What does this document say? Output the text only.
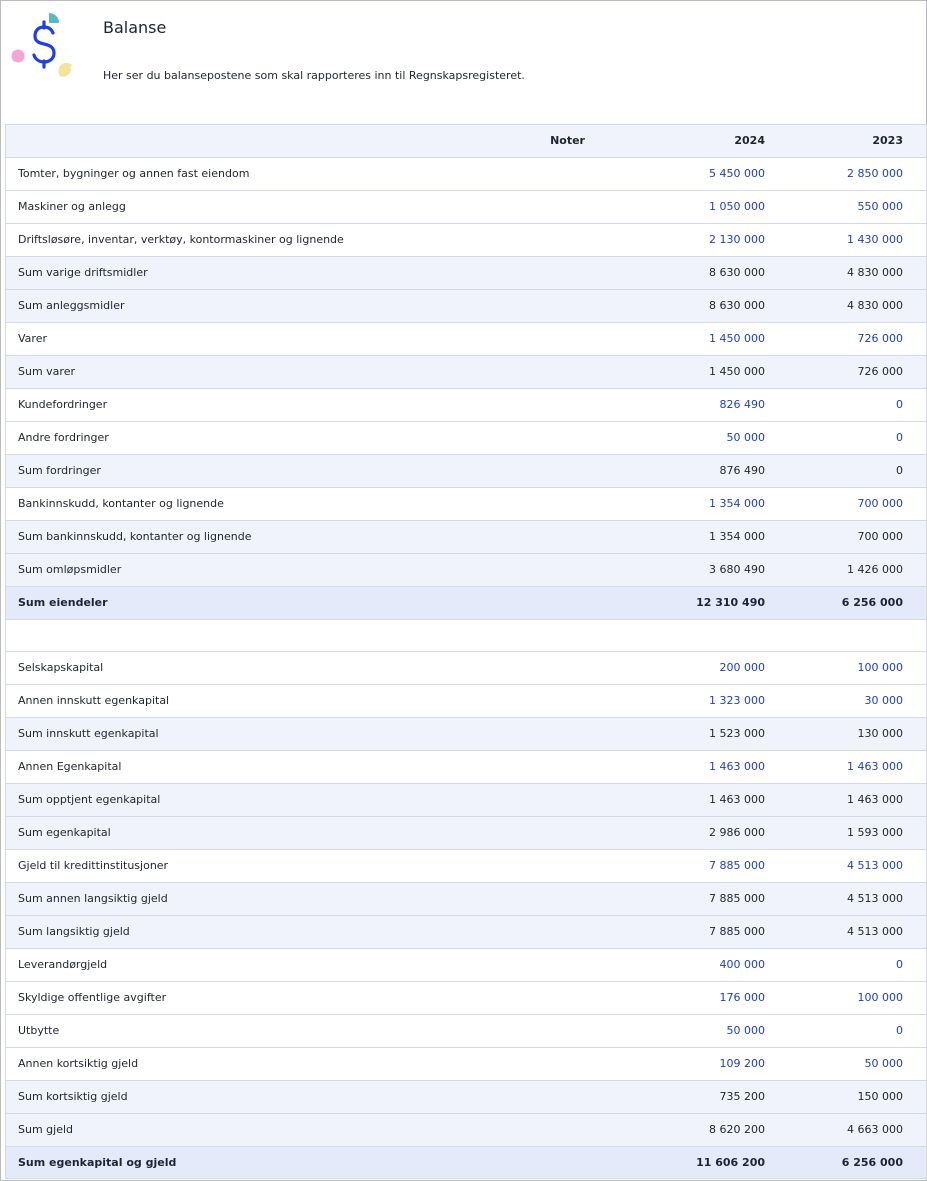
Balanse
Her ser du balansepostene som skal rapporteres inn til Regnskapsregisteret.
Noter	2024	2023
Tomter, bygninger og annen fast eiendom	5 450 000	2 850 000
Maskiner og anlegg	1 050 000	550 000
Driftsløsøre, inventar, verktøy, kontormaskiner og lignende	2 130 000	1 430 000
Sum varige driftsmidler	8 630 000	4 830 000
Sum anleggsmidler	8 630 000	4 830 000
Varer	1 450 000	726 000
Sum varer	1 450 000	726 000
Kundefordringer	826 490	0
Andre fordringer	50 000	0
Sum fordringer	876 490	0
Bankinnskudd, kontanter og lignende	1 354 000	700 000
Sum bankinnskudd, kontanter og lignende	1 354 000	700 000
Sum omløpsmidler	3 680 490	1 426 000
Sum eiendeler	12 310 490	6 256 000
Selskapskapital	200 000	100 000
Annen innskutt egenkapital	1 323 000	30 000
Sum innskutt egenkapital	1 523 000	130 000
Annen Egenkapital	1 463 000	1 463 000
Sum opptjent egenkapital	1 463 000	1 463 000
Sum egenkapital	2 986 000	1 593 000
Gjeld til kredittinstitusjoner	7 885 000	4 513 000
Sum annen langsiktig gjeld	7 885 000	4 513 000
Sum langsiktig gjeld	7 885 000	4 513 000
Leverandørgjeld	400 000	0
Skyldige offentlige avgifter	176 000	100 000
Utbytte	50 000	0
Annen kortsiktig gjeld	109 200	50 000
Sum kortsiktig gjeld	735 200	150 000
Sum gjeld	8 620 200	4 663 000
Sum egenkapital og gjeld	11 606 200	6 256 000
